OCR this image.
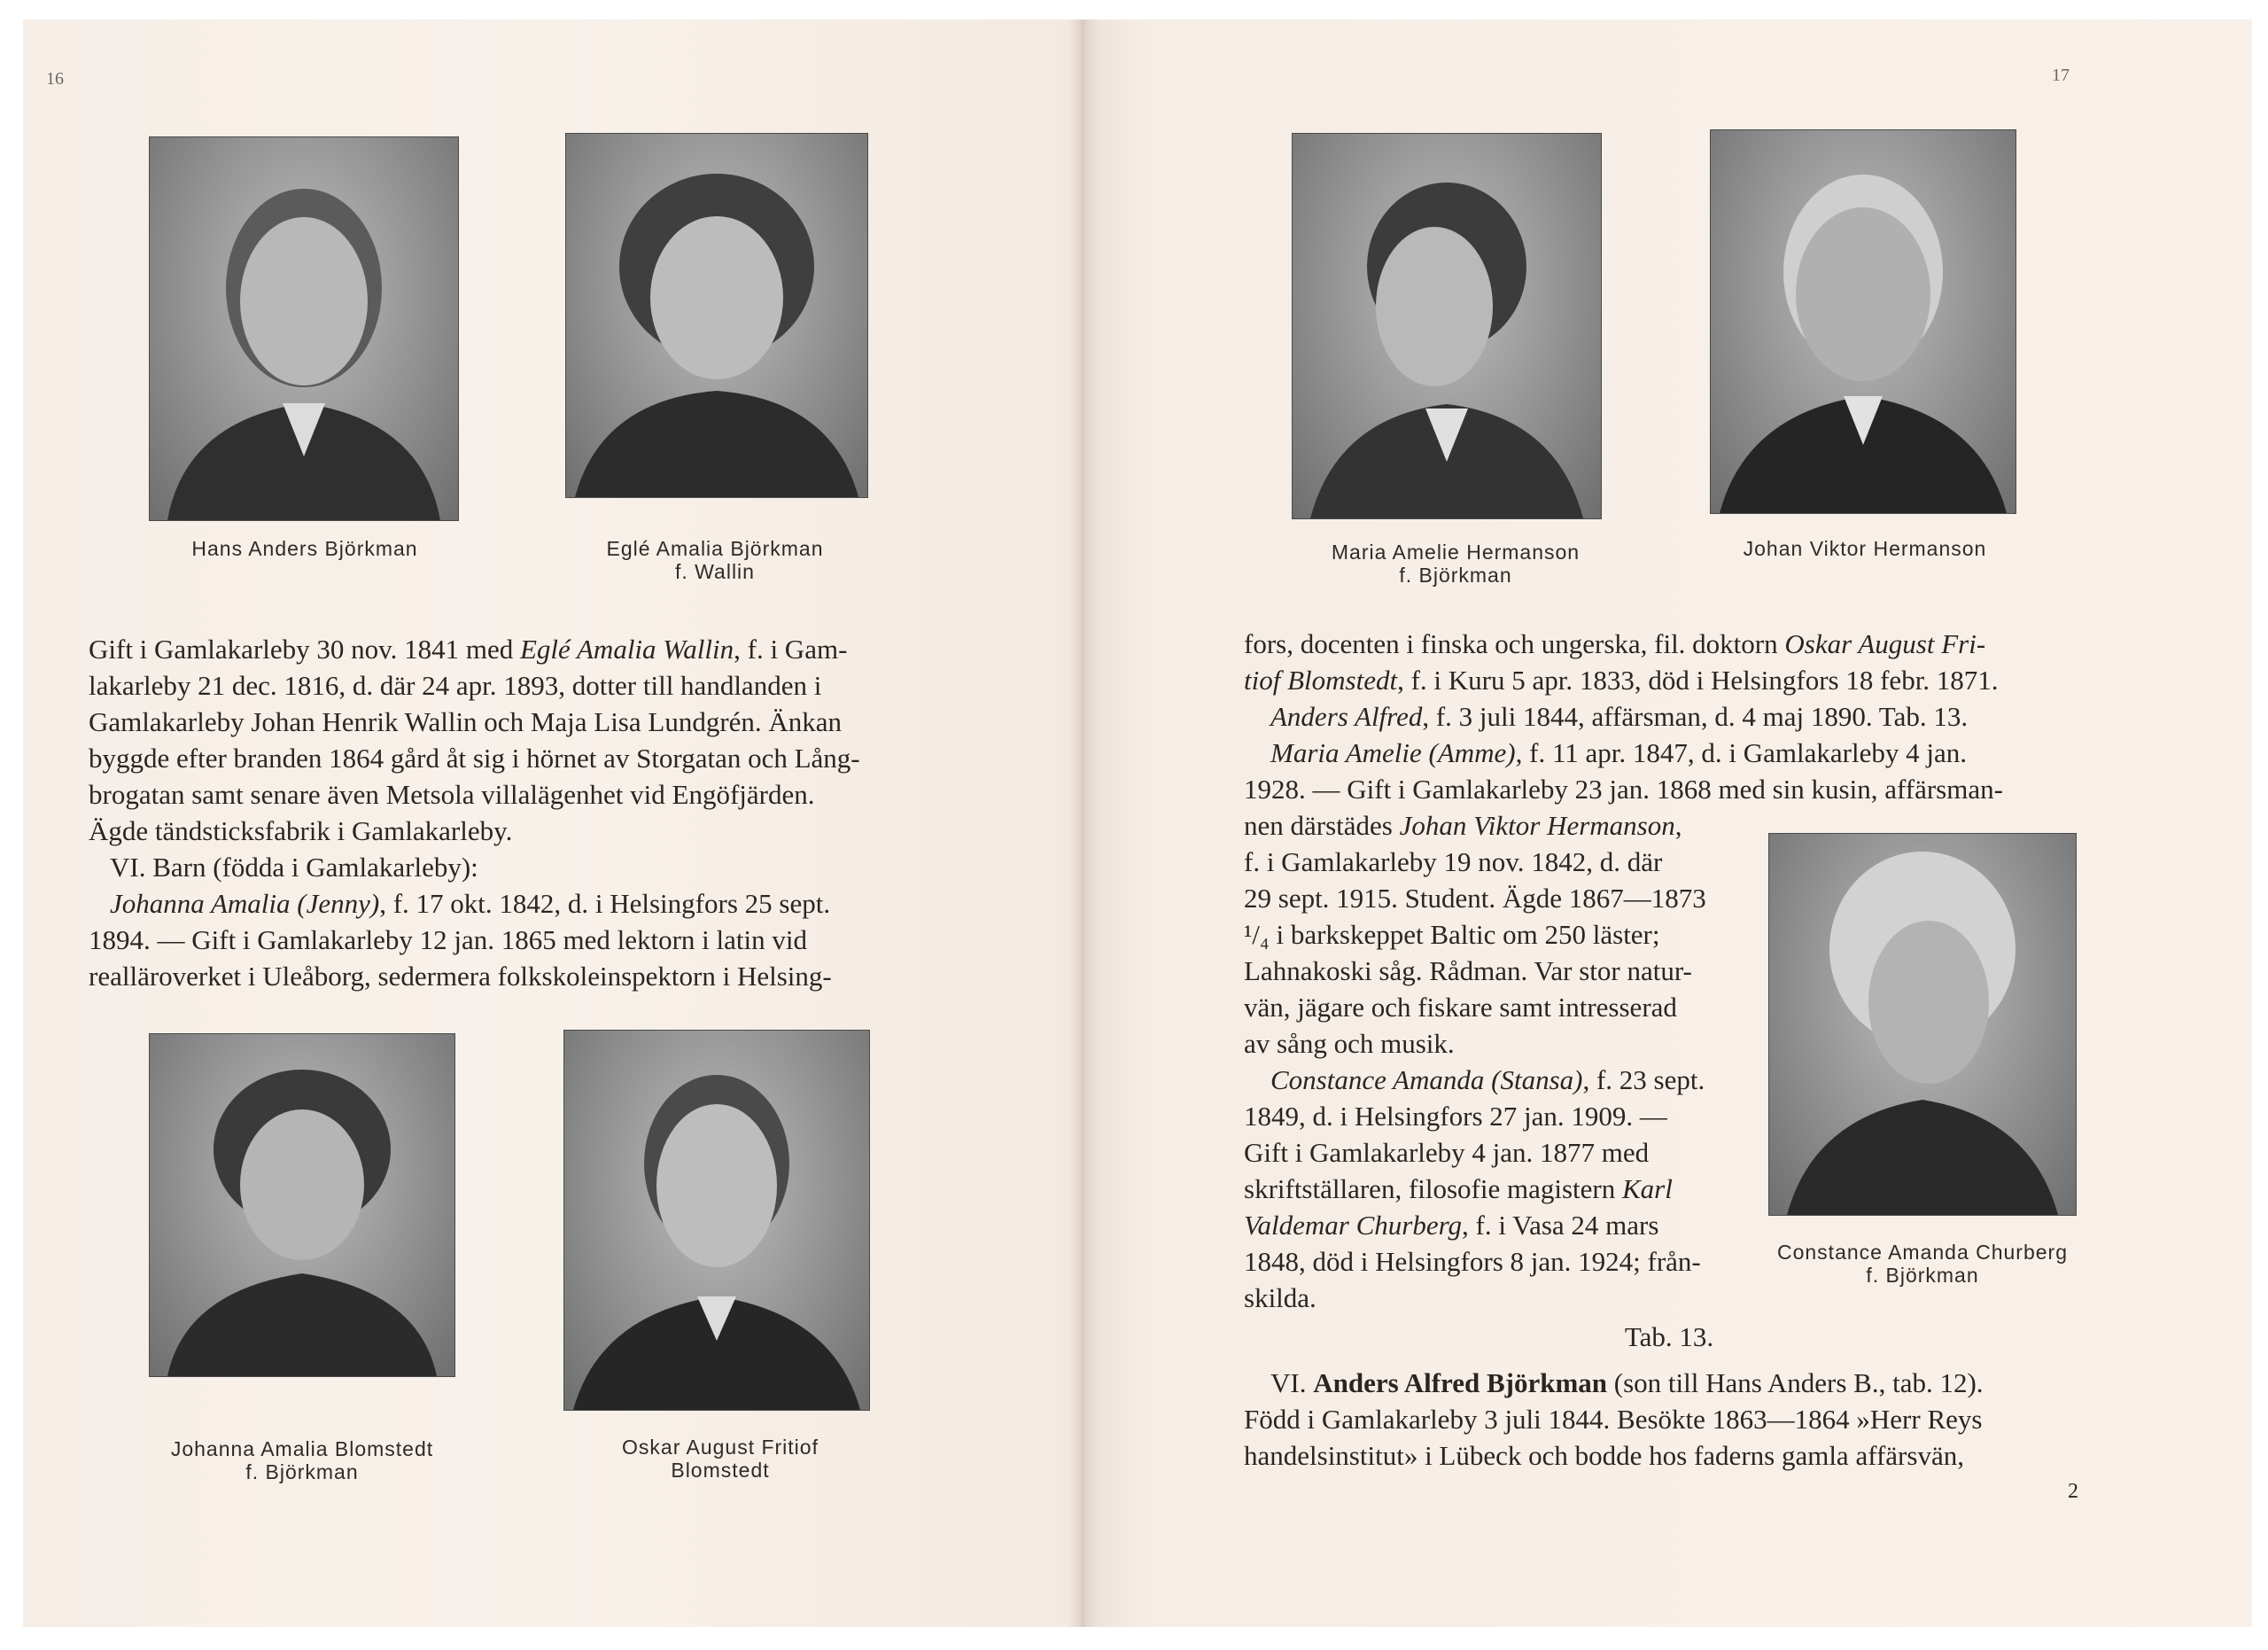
16
Hans Anders Björkman	Eglé Amalia Björkman
f. Wallin
Gift i Gamlakarleby 30 nov. 1841 med Eglé Amalia Wallin, f. i Gam-
lakarleby 21 dec. 1816, d. där 24 apr. 1893, dotter till handlanden i
Gamlakarleby Johan Henrik Wallin och Maja Lisa Lundgrén. Änkan
byggde efter branden 1864 gård åt sig i hörnet av Storgatan och Lång-
brogatan samt senare även Metsola villalägenhet vid Engöfjärden.
Ägde tändsticksfabrik i Gamlakarleby.
VI. Barn (födda i Gamlakarleby):
Johanna Amalia (Jenny), f. 17 okt. 1842, d. i Helsingfors 25 sept.
1894. — Gift i Gamlakarleby 12 jan. 1865 med lektorn i latin vid
realläroverket i Uleåborg, sedermera folkskoleinspektorn i Helsing-
Johanna Amalia Blomstedt
f. Björkman
Oskar August Fritiof
Blomstedt
17
Maria Amelie Hermanson
f. Björkman
Johan Viktor Hermanson
fors, docenten i finska och ungerska, fil. doktorn Oskar August Fri-
tiof Blomstedt, f. i Kuru 5 apr. 1833, död i Helsingfors 18 febr. 1871.
Anders Alfred, f. 3 juli 1844, affärsman, d. 4 maj 1890. Tab. 13.
Maria Amelie (Amme), f. 11 apr. 1847, d. i Gamlakarleby 4 jan.
1928. — Gift i Gamlakarleby 23 jan. 1868 med sin kusin, affärsman-
nen därstädes Johan Viktor Hermanson,
f. i Gamlakarleby 19 nov. 1842, d. där
29 sept. 1915. Student. Ägde 1867—1873
¹/₄ i barkskeppet Baltic om 250 läster;
Lahnakoski såg. Rådman. Var stor natur-
vän, jägare och fiskare samt intresserad
av sång och musik.
Constance Amanda (Stansa), f. 23 sept.
1849, d. i Helsingfors 27 jan. 1909. —
Gift i Gamlakarleby 4 jan. 1877 med
skriftställaren, filosofie magistern Karl
Valdemar Churberg, f. i Vasa 24 mars
1848, död i Helsingfors 8 jan. 1924; från-
skilda.
Constance Amanda Churberg
f. Björkman
Tab. 13.
VI. Anders Alfred Björkman (son till Hans Anders B., tab. 12).
Född i Gamlakarleby 3 juli 1844. Besökte 1863—1864 »Herr Reys
handelsinstitut» i Lübeck och bodde hos faderns gamla affärsvän,
2
